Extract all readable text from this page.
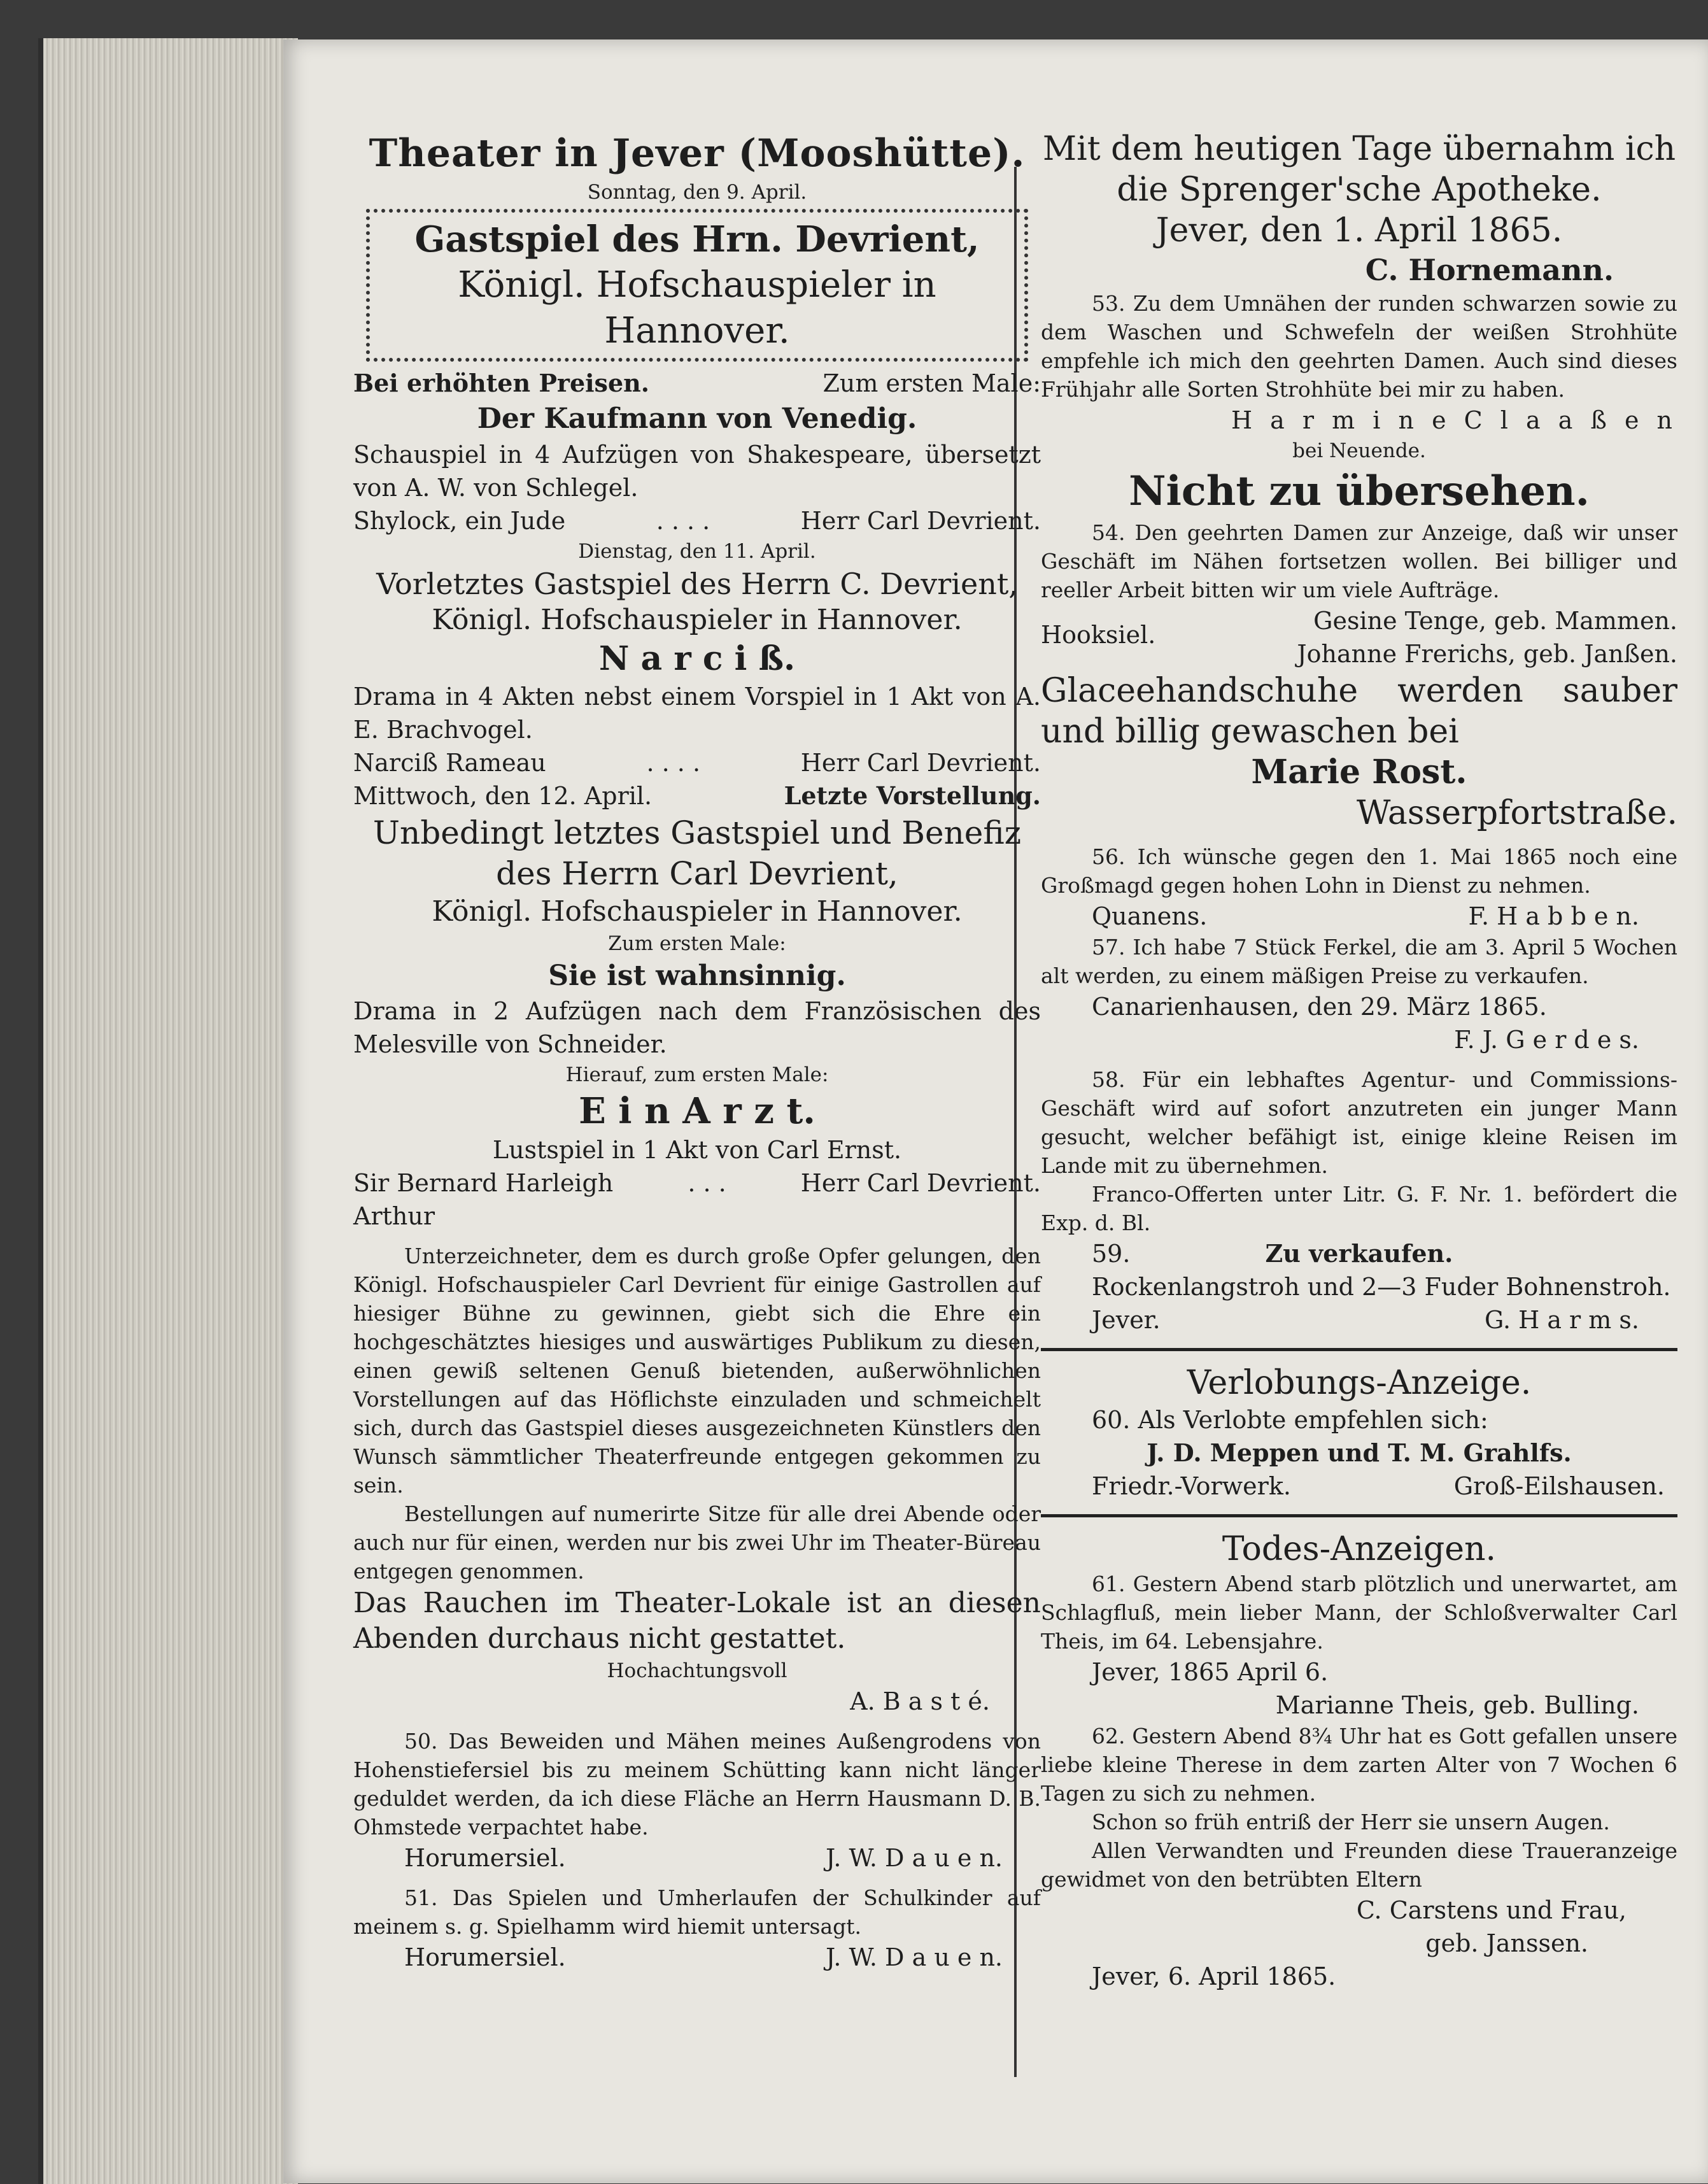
Theater in Jever (Mooshütte).
Sonntag, den 9. April.
Gastspiel des Hrn. Devrient,
Königl. Hofschauspieler in
Hannover.
Bei erhöhten Preisen.	Zum ersten Male:
Der Kaufmann von Venedig.

Schauspiel in 4 Aufzügen von Shakespeare, übersetzt von A. W. von Schlegel.

Shylock, ein Jude	. . . .	Herr Carl Devrient.
Dienstag, den 11. April.
Vorletztes Gastspiel des Herrn C. Devrient,
Königl. Hofschauspieler in Hannover.
N a r c i ß.

Drama in 4 Akten nebst einem Vorspiel in 1 Akt von A. E. Brachvogel.

Narciß Rameau	. . . .	Herr Carl Devrient.
Mittwoch, den 12. April.	Letzte Vorstellung.
Unbedingt letztes Gastspiel und Benefiz des Herrn Carl Devrient,
Königl. Hofschauspieler in Hannover.
Zum ersten Male:
Sie ist wahnsinnig.

Drama in 2 Aufzügen nach dem Französischen des Melesville von Schneider.

Hierauf, zum ersten Male:
E i n A r z t.
Lustspiel in 1 Akt von Carl Ernst.
Sir Bernard Harleigh
Arthur
. . .	Herr Carl Devrient.

Unterzeichneter, dem es durch große Opfer gelungen, den Königl. Hofschauspieler Carl Devrient für einige Gastrollen auf hiesiger Bühne zu gewinnen, giebt sich die Ehre ein hochgeschätztes hiesiges und auswärtiges Publikum zu diesen, einen gewiß seltenen Genuß bietenden, außerwöhnlichen Vorstellungen auf das Höflichste einzuladen und schmeichelt sich, durch das Gastspiel dieses ausgezeichneten Künstlers den Wunsch sämmtlicher Theaterfreunde entgegen gekommen zu sein.

Bestellungen auf numerirte Sitze für alle drei Abende oder auch nur für einen, werden nur bis zwei Uhr im Theater-Büreau entgegen genommen.

Das Rauchen im Theater-Lokale ist an diesen Abenden durchaus nicht gestattet.

Hochachtungsvoll
A. B a s t é.

50. Das Beweiden und Mähen meines Außengrodens von Hohenstiefersiel bis zu meinem Schütting kann nicht länger geduldet werden, da ich diese Fläche an Herrn Hausmann D. B. Ohmstede verpachtet habe.

Horumersiel.	J. W. D a u e n.

51. Das Spielen und Umherlaufen der Schulkinder auf meinem s. g. Spielhamm wird hiemit untersagt.

Horumersiel.	J. W. D a u e n.

Mit dem heutigen Tage übernahm ich die Sprenger'sche Apotheke.

Jever, den 1. April 1865.
C. Hornemann.

53. Zu dem Umnähen der runden schwarzen sowie zu dem Waschen und Schwefeln der weißen Strohhüte empfehle ich mich den geehrten Damen. Auch sind dieses Frühjahr alle Sorten Strohhüte bei mir zu haben.

H a r m i n e C l a a ß e n
bei Neuende.
Nicht zu übersehen.

54. Den geehrten Damen zur Anzeige, daß wir unser Geschäft im Nähen fortsetzen wollen. Bei billiger und reeller Arbeit bitten wir um viele Aufträge.

Hooksiel.	Gesine Tenge, geb. Mammen.
Johanne Frerichs, geb. Janßen.

Glaceehandschuhe werden sauber und billig gewaschen bei

Marie Rost.
Wasserpfortstraße.

56. Ich wünsche gegen den 1. Mai 1865 noch eine Großmagd gegen hohen Lohn in Dienst zu nehmen.

Quanens.	F. H a b b e n.

57. Ich habe 7 Stück Ferkel, die am 3. April 5 Wochen alt werden, zu einem mäßigen Preise zu verkaufen.

Canarienhausen, den 29. März 1865.
F. J. G e r d e s.

58. Für ein lebhaftes Agentur- und Commissions-Geschäft wird auf sofort anzutreten ein junger Mann gesucht, welcher befähigt ist, einige kleine Reisen im Lande mit zu übernehmen.

Franco-Offerten unter Litr. G. F. Nr. 1. befördert die Exp. d. Bl.

59.	Zu verkaufen.
Rockenlangstroh und 2—3 Fuder Bohnenstroh.
Jever.	G. H a r m s.
Verlobungs-Anzeige.
60. Als Verlobte empfehlen sich:
J. D. Meppen und T. M. Grahlfs.
Friedr.-Vorwerk.	Groß-Eilshausen.
Todes-Anzeigen.

61. Gestern Abend starb plötzlich und unerwartet, am Schlagfluß, mein lieber Mann, der Schloßverwalter Carl Theis, im 64. Lebensjahre.

Jever, 1865 April 6.
Marianne Theis, geb. Bulling.

62. Gestern Abend 8¾ Uhr hat es Gott gefallen unsere liebe kleine Therese in dem zarten Alter von 7 Wochen 6 Tagen zu sich zu nehmen.

Schon so früh entriß der Herr sie unsern Augen.

Allen Verwandten und Freunden diese Traueranzeige gewidmet von den betrübten Eltern

C. Carstens und Frau,
geb. Janssen.
Jever, 6. April 1865.
